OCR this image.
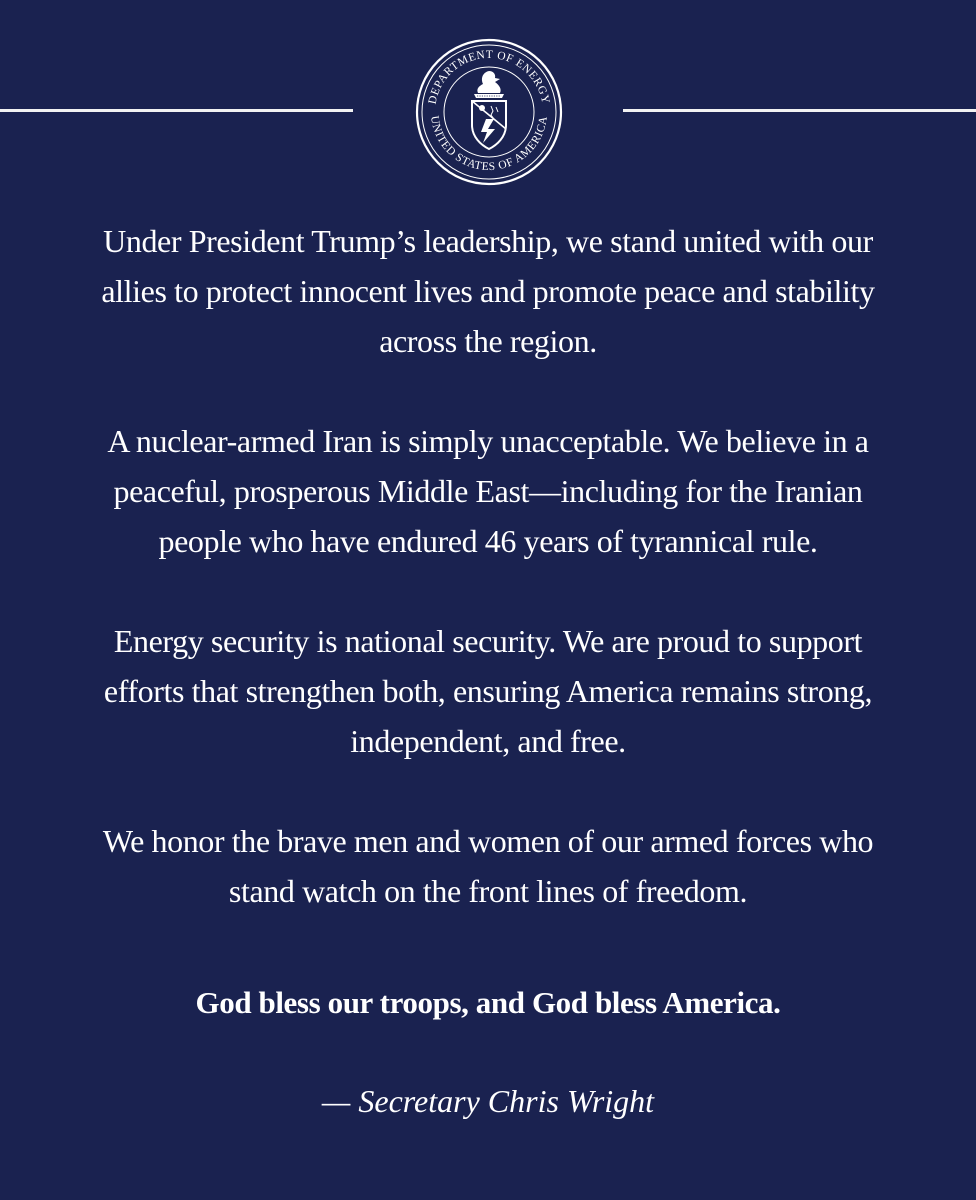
DEPARTMENT OF ENERGY
UNITED STATES OF AMERICA

Under President Trump’s leadership, we stand united with our
allies to protect innocent lives and promote peace and stability
across the region.

A nuclear-armed Iran is simply unacceptable. We believe in a
peaceful, prosperous Middle East—including for the Iranian
people who have endured 46 years of tyrannical rule.

Energy security is national security. We are proud to support
efforts that strengthen both, ensuring America remains strong,
independent, and free.

We honor the brave men and women of our armed forces who
stand watch on the front lines of freedom.

God bless our troops, and God bless America.
— Secretary Chris Wright
